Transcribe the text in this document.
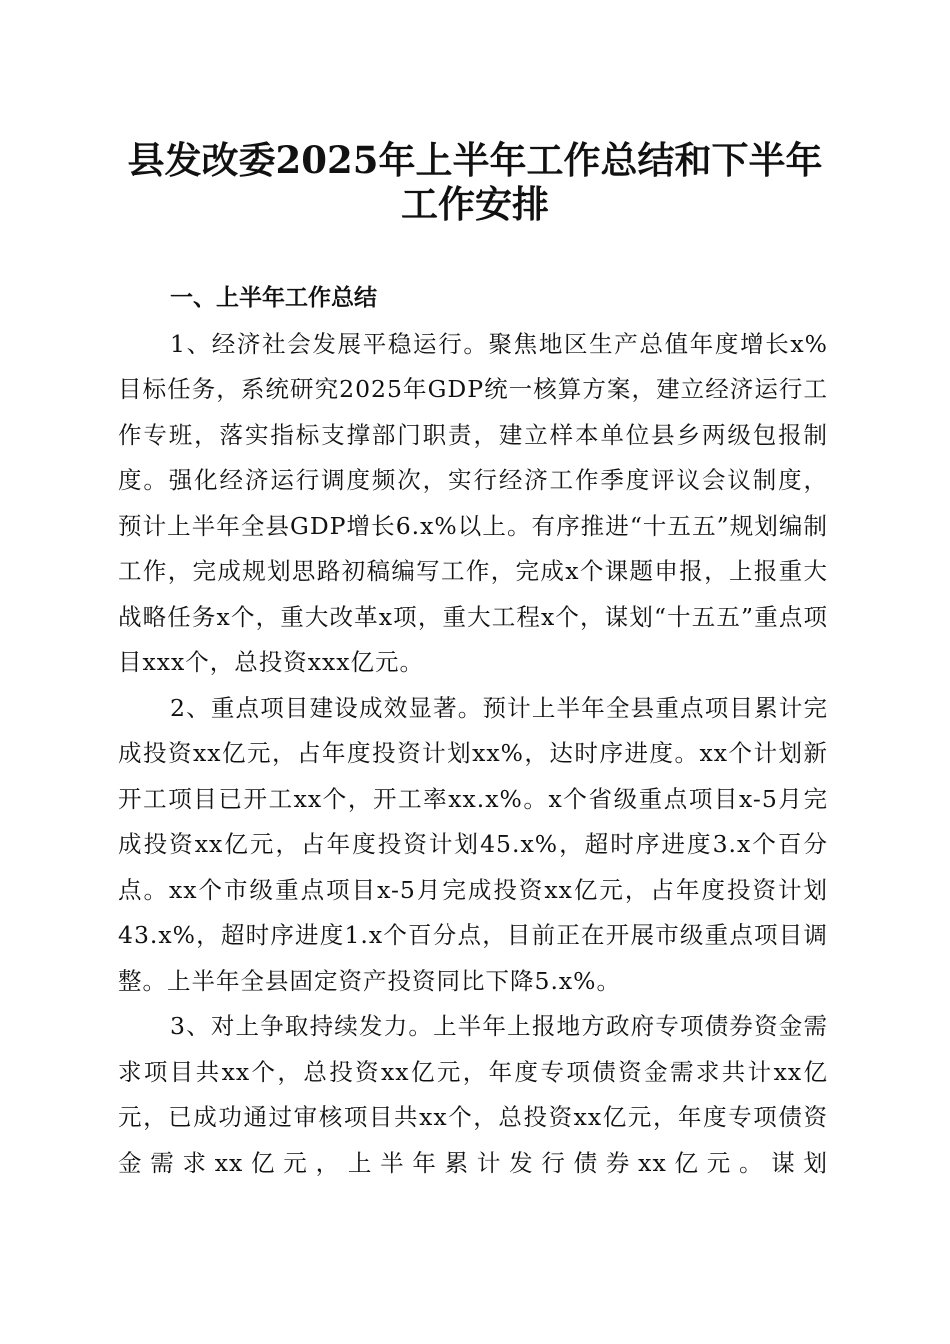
县发改委2025年上半年工作总结和下半年工作安排
一、上半年工作总结

1、经济社会发展平稳运行。聚焦地区生产总值年度增长x%目标任务，系统研究2025年GDP统一核算方案，建立经济运行工作专班，落实指标支撑部门职责，建立样本单位县乡两级包报制度。强化经济运行调度频次，实行经济工作季度评议会议制度，预计上半年全县GDP增长6.x%以上。有序推进“十五五”规划编制工作，完成规划思路初稿编写工作，完成x个课题申报，上报重大战略任务x个，重大改革x项，重大工程x个，谋划“十五五”重点项目xxx个，总投资xxx亿元。

2、重点项目建设成效显著。预计上半年全县重点项目累计完成投资xx亿元，占年度投资计划xx%，达时序进度。xx个计划新开工项目已开工xx个，开工率xx.x%。x个省级重点项目x-5月完成投资xx亿元，占年度投资计划45.x%，超时序进度3.x个百分点。xx个市级重点项目x-5月完成投资xx亿元，占年度投资计划43.x%，超时序进度1.x个百分点，目前正在开展市级重点项目调整。上半年全县固定资产投资同比下降5.x%。

3、对上争取持续发力。上半年上报地方政府专项债券资金需求项目共xx个，总投资xx亿元，年度专项债资金需求共计xx亿元，已成功通过审核项目共xx个，总投资xx亿元，年度专项债资金需求xx亿元，上半年累计发行债券xx亿元。谋划
